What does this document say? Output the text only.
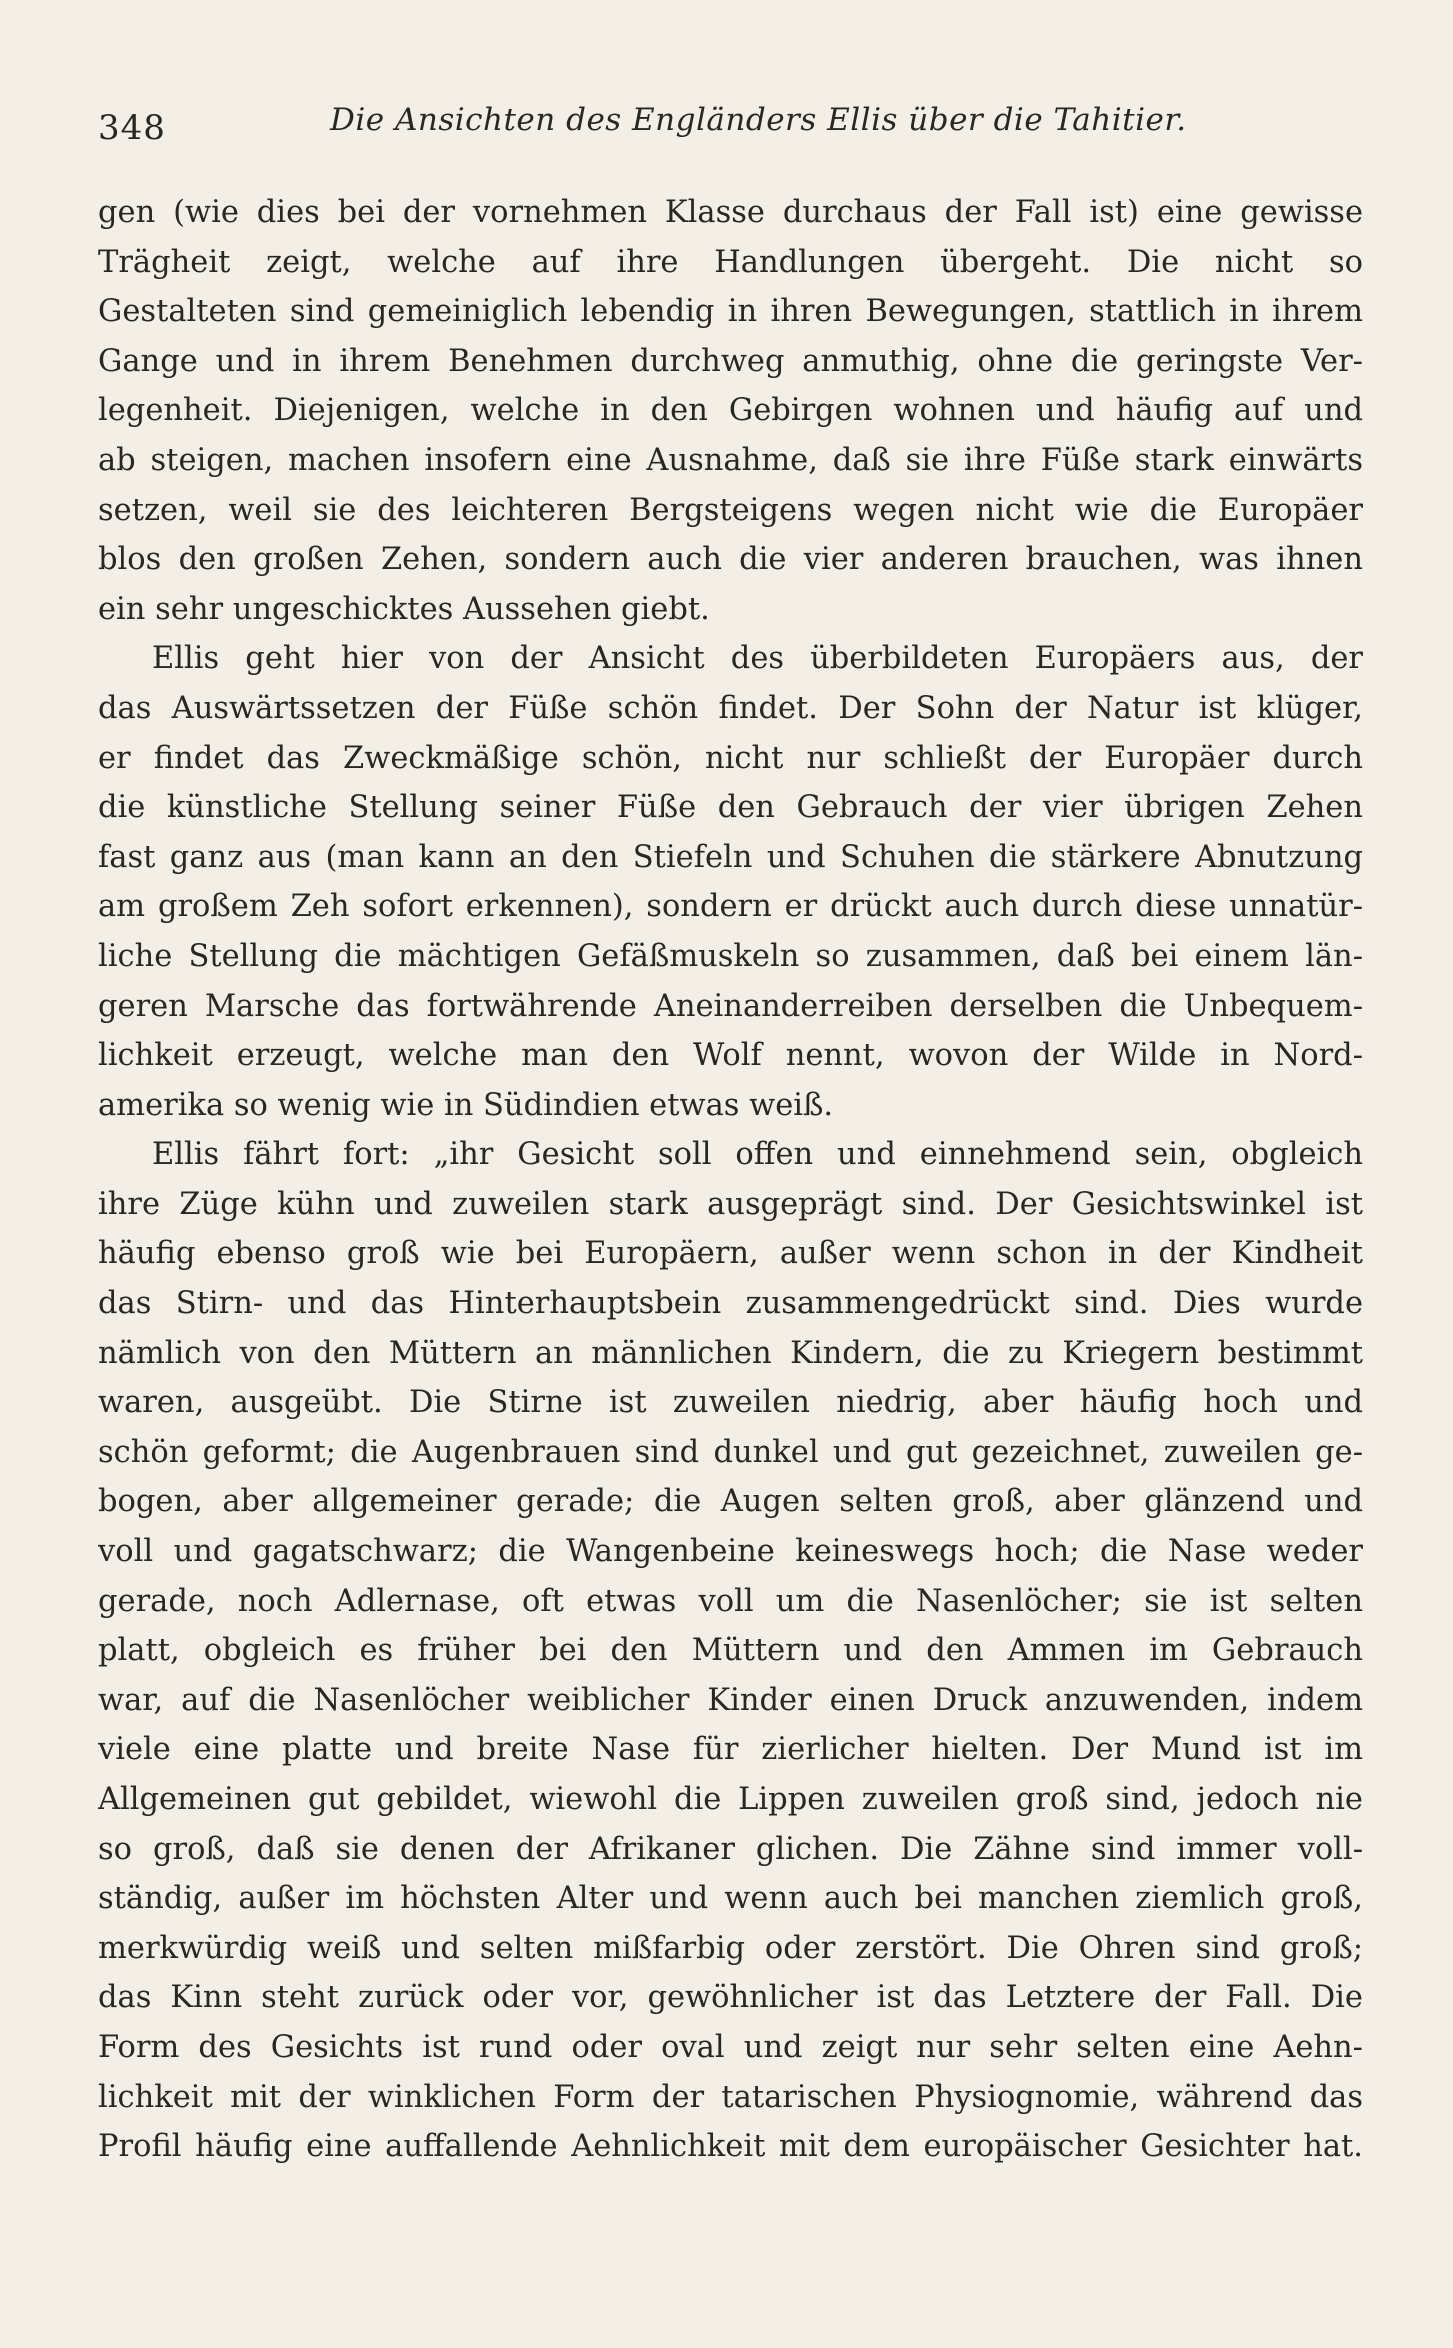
348	Die Ansichten des Engländers Ellis über die Tahitier.
gen (wie dies bei der vornehmen Klasse durchaus der Fall ist) eine gewisse
Trägheit zeigt, welche auf ihre Handlungen übergeht. Die nicht so
Gestalteten sind gemeiniglich lebendig in ihren Bewegungen, stattlich in ihrem
Gange und in ihrem Benehmen durchweg anmuthig, ohne die geringste Ver-
legenheit. Diejenigen, welche in den Gebirgen wohnen und häufig auf und
ab steigen, machen insofern eine Ausnahme, daß sie ihre Füße stark einwärts
setzen, weil sie des leichteren Bergsteigens wegen nicht wie die Europäer
blos den großen Zehen, sondern auch die vier anderen brauchen, was ihnen
ein sehr ungeschicktes Aussehen giebt.
Ellis geht hier von der Ansicht des überbildeten Europäers aus, der
das Auswärtssetzen der Füße schön findet. Der Sohn der Natur ist klüger,
er findet das Zweckmäßige schön, nicht nur schließt der Europäer durch
die künstliche Stellung seiner Füße den Gebrauch der vier übrigen Zehen
fast ganz aus (man kann an den Stiefeln und Schuhen die stärkere Abnutzung
am großem Zeh sofort erkennen), sondern er drückt auch durch diese unnatür-
liche Stellung die mächtigen Gefäßmuskeln so zusammen, daß bei einem län-
geren Marsche das fortwährende Aneinanderreiben derselben die Unbequem-
lichkeit erzeugt, welche man den Wolf nennt, wovon der Wilde in Nord-
amerika so wenig wie in Südindien etwas weiß.
Ellis fährt fort: „ihr Gesicht soll offen und einnehmend sein, obgleich
ihre Züge kühn und zuweilen stark ausgeprägt sind. Der Gesichtswinkel ist
häufig ebenso groß wie bei Europäern, außer wenn schon in der Kindheit
das Stirn- und das Hinterhauptsbein zusammengedrückt sind. Dies wurde
nämlich von den Müttern an männlichen Kindern, die zu Kriegern bestimmt
waren, ausgeübt. Die Stirne ist zuweilen niedrig, aber häufig hoch und
schön geformt; die Augenbrauen sind dunkel und gut gezeichnet, zuweilen ge-
bogen, aber allgemeiner gerade; die Augen selten groß, aber glänzend und
voll und gagatschwarz; die Wangenbeine keineswegs hoch; die Nase weder
gerade, noch Adlernase, oft etwas voll um die Nasenlöcher; sie ist selten
platt, obgleich es früher bei den Müttern und den Ammen im Gebrauch
war, auf die Nasenlöcher weiblicher Kinder einen Druck anzuwenden, indem
viele eine platte und breite Nase für zierlicher hielten. Der Mund ist im
Allgemeinen gut gebildet, wiewohl die Lippen zuweilen groß sind, jedoch nie
so groß, daß sie denen der Afrikaner glichen. Die Zähne sind immer voll-
ständig, außer im höchsten Alter und wenn auch bei manchen ziemlich groß,
merkwürdig weiß und selten mißfarbig oder zerstört. Die Ohren sind groß;
das Kinn steht zurück oder vor, gewöhnlicher ist das Letztere der Fall. Die
Form des Gesichts ist rund oder oval und zeigt nur sehr selten eine Aehn-
lichkeit mit der winklichen Form der tatarischen Physiognomie, während das
Profil häufig eine auffallende Aehnlichkeit mit dem europäischer Gesichter hat.
